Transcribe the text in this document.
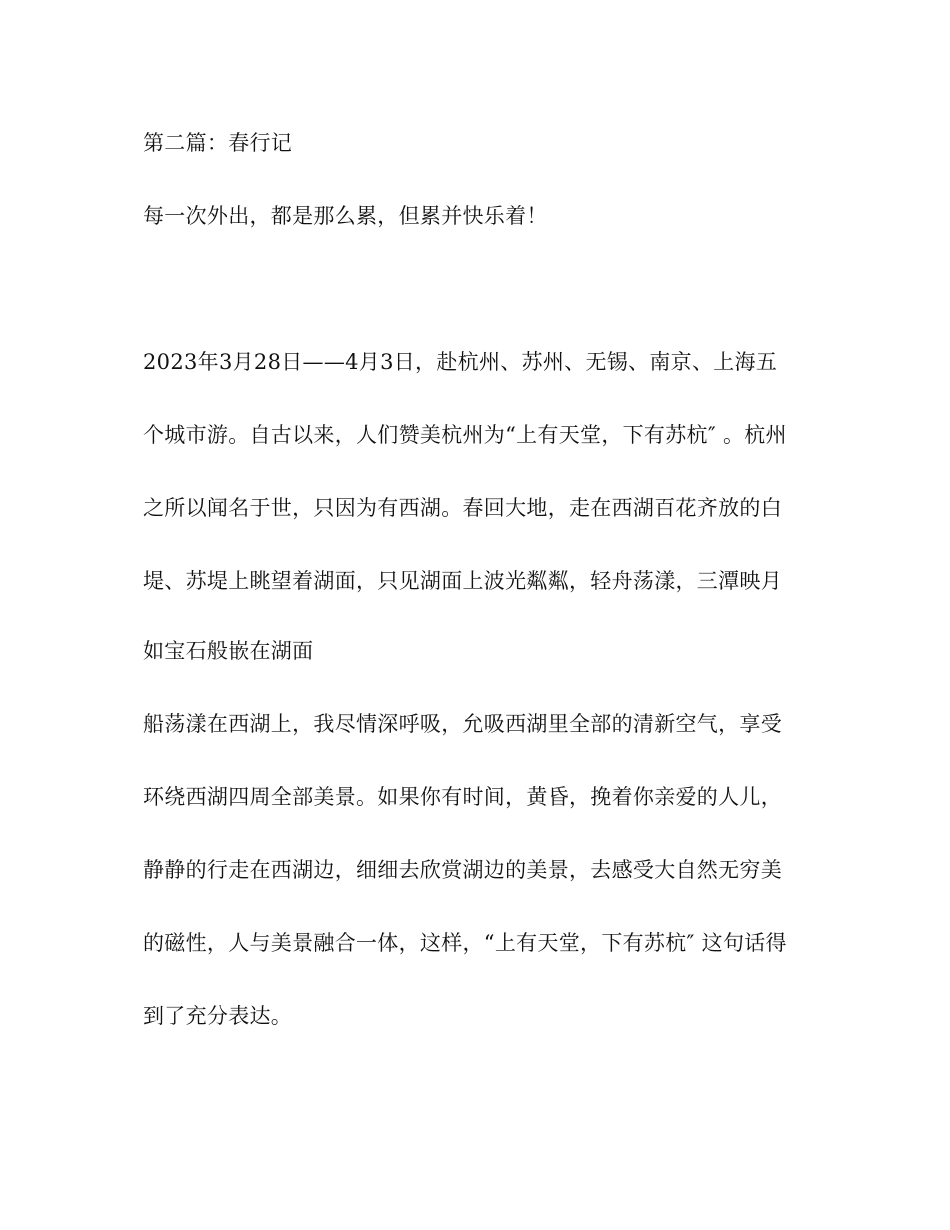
第二篇：春行记
每一次外出，都是那么累，但累并快乐着！
2023年3月28日——4月3日，赴杭州、苏州、无锡、南京、上海五
个城市游。自古以来，人们赞美杭州为“上有天堂，下有苏杭″ 。杭州
之所以闻名于世，只因为有西湖。春回大地，走在西湖百花齐放的白
堤、苏堤上眺望着湖面，只见湖面上波光粼粼，轻舟荡漾，三潭映月
如宝石般嵌在湖面
船荡漾在西湖上，我尽情深呼吸，允吸西湖里全部的清新空气，享受
环绕西湖四周全部美景。如果你有时间，黄昏，挽着你亲爱的人儿，
静静的行走在西湖边，细细去欣赏湖边的美景，去感受大自然无穷美
的磁性，人与美景融合一体，这样，“上有天堂，下有苏杭″ 这句话得
到了充分表达。
